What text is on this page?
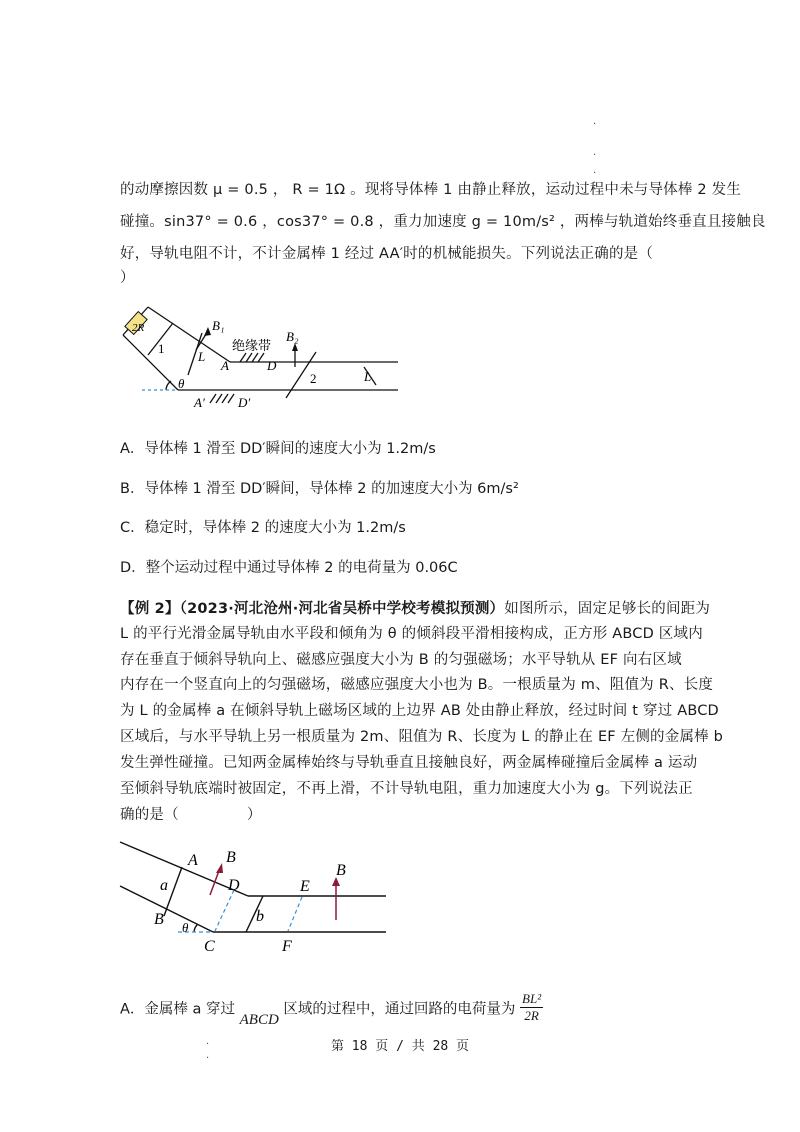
.
.
.
的动摩擦因数 μ = 0.5 ， R = 1Ω 。现将导体棒 1 由静止释放，运动过程中未与导体棒 2 发生
碰撞。sin37° = 0.6 ，cos37° = 0.8 ，重力加速度 g = 10m/s² ，两棒与轨道始终垂直且接触良
好，导轨电阻不计，不计金属棒 1 经过 AA′时的机械能损失。下列说法正确的是（
）
2R
1
B₁
L
绝缘带
B₂
A	D
2	L
θ
A′	D′
A．导体棒 1 滑至 DD′瞬间的速度大小为 1.2m/s
B．导体棒 1 滑至 DD′瞬间，导体棒 2 的加速度大小为 6m/s²
C．稳定时，导体棒 2 的速度大小为 1.2m/s
D．整个运动过程中通过导体棒 2 的电荷量为 0.06C
【例 2】（2023·河北沧州·河北省吴桥中学校考模拟预测）如图所示，固定足够长的间距为
L 的平行光滑金属导轨由水平段和倾角为 θ 的倾斜段平滑相接构成，正方形 ABCD 区域内
存在垂直于倾斜导轨向上、磁感应强度大小为 B 的匀强磁场；水平导轨从 EF 向右区域
内存在一个竖直向上的匀强磁场，磁感应强度大小也为 B。一根质量为 m、阻值为 R、长度
为 L 的金属棒 a 在倾斜导轨上磁场区域的上边界 AB 处由静止释放，经过时间 t 穿过 ABCD
区域后，与水平导轨上另一根质量为 2m、阻值为 R、长度为 L 的静止在 EF 左侧的金属棒 b
发生弹性碰撞。已知两金属棒始终与导轨垂直且接触良好，两金属棒碰撞后金属棒 a 运动
至倾斜导轨底端时被固定，不再上滑，不计导轨电阻，重力加速度大小为 g。下列说法正
确的是（	）
A B
a	D	E
B
B	b
θ
C	F
A．金属棒 a 穿过 ABCD 区域的过程中，通过回路的电荷量为 $\frac{\text{BL²}}{2R}$
.
.
第 18 页 / 共 28 页
